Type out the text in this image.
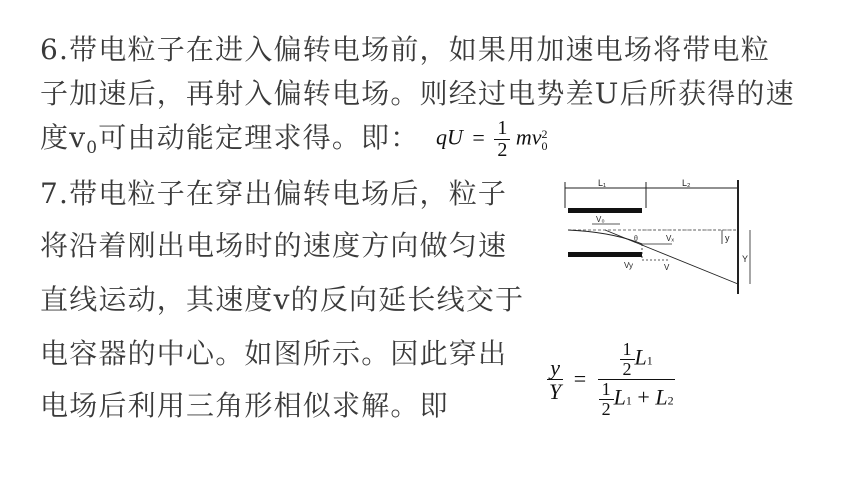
6.带电粒子在进入偏转电场前，如果用加速电场将带电粒
子加速后，再射入偏转电场。则经过电势差U后所获得的速
度$v_0$可由动能定理求得。即： qU = $\frac{1}{2}$ mv 2
0
7.带电粒子在穿出偏转电场后，粒子
将沿着刚出电场时的速度方向做匀速
直线运动，其速度v的反向延长线交于
电容器的中心。如图所示。因此穿出
电场后利用三角形相似求解。即
L₁	L₂
V₀
θ	Vₓ
Vy	V
y
Y
$\frac{y}{Y} = \frac{\frac{1}{2} L1}{\frac{1}{2} L1 + L2}$
